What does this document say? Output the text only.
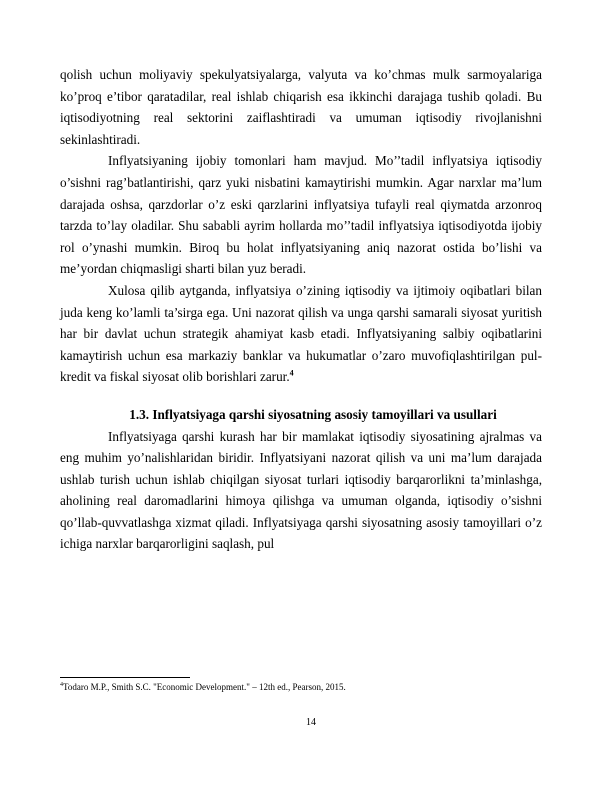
qolish uchun moliyaviy spekulyatsiyalarga, valyuta va ko’chmas mulk sarmoyalariga ko’proq e’tibor qaratadilar, real ishlab chiqarish esa ikkinchi darajaga tushib qoladi. Bu iqtisodiyotning real sektorini zaiflashtiradi va umuman iqtisodiy rivojlanishni sekinlashtiradi.

Inflyatsiyaning ijobiy tomonlari ham mavjud. Mo’’tadil inflyatsiya iqtisodiy o’sishni rag’batlantirishi, qarz yuki nisbatini kamaytirishi mumkin. Agar narxlar ma’lum darajada oshsa, qarzdorlar o’z eski qarzlarini inflyatsiya tufayli real qiymatda arzonroq tarzda to’lay oladilar. Shu sababli ayrim hollarda mo’’tadil inflyatsiya iqtisodiyotda ijobiy rol o’ynashi mumkin. Biroq bu holat inflyatsiyaning aniq nazorat ostida bo’lishi va me’yordan chiqmasligi sharti bilan yuz beradi.

Xulosa qilib aytganda, inflyatsiya o’zining iqtisodiy va ijtimoiy oqibatlari bilan juda keng ko’lamli ta’sirga ega. Uni nazorat qilish va unga qarshi samarali siyosat yuritish har bir davlat uchun strategik ahamiyat kasb etadi. Inflyatsiyaning salbiy oqibatlarini kamaytirish uchun esa markaziy banklar va hukumatlar o’zaro muvofiqlashtirilgan pul-kredit va fiskal siyosat olib borishlari zarur.$^4$

1.3. Inflyatsiyaga qarshi siyosatning asosiy tamoyillari va usullari

Inflyatsiyaga qarshi kurash har bir mamlakat iqtisodiy siyosatining ajralmas va eng muhim yo’nalishlaridan biridir. Inflyatsiyani nazorat qilish va uni ma’lum darajada ushlab turish uchun ishlab chiqilgan siyosat turlari iqtisodiy barqarorlikni ta’minlashga, aholining real daromadlarini himoya qilishga va umuman olganda, iqtisodiy o’sishni qo’llab-quvvatlashga xizmat qiladi. Inflyatsiyaga qarshi siyosatning asosiy tamoyillari o’z ichiga narxlar barqarorligini saqlash, pul

$^4$Todaro M.P., Smith S.C. "Economic Development." – 12th ed., Pearson, 2015.
14
